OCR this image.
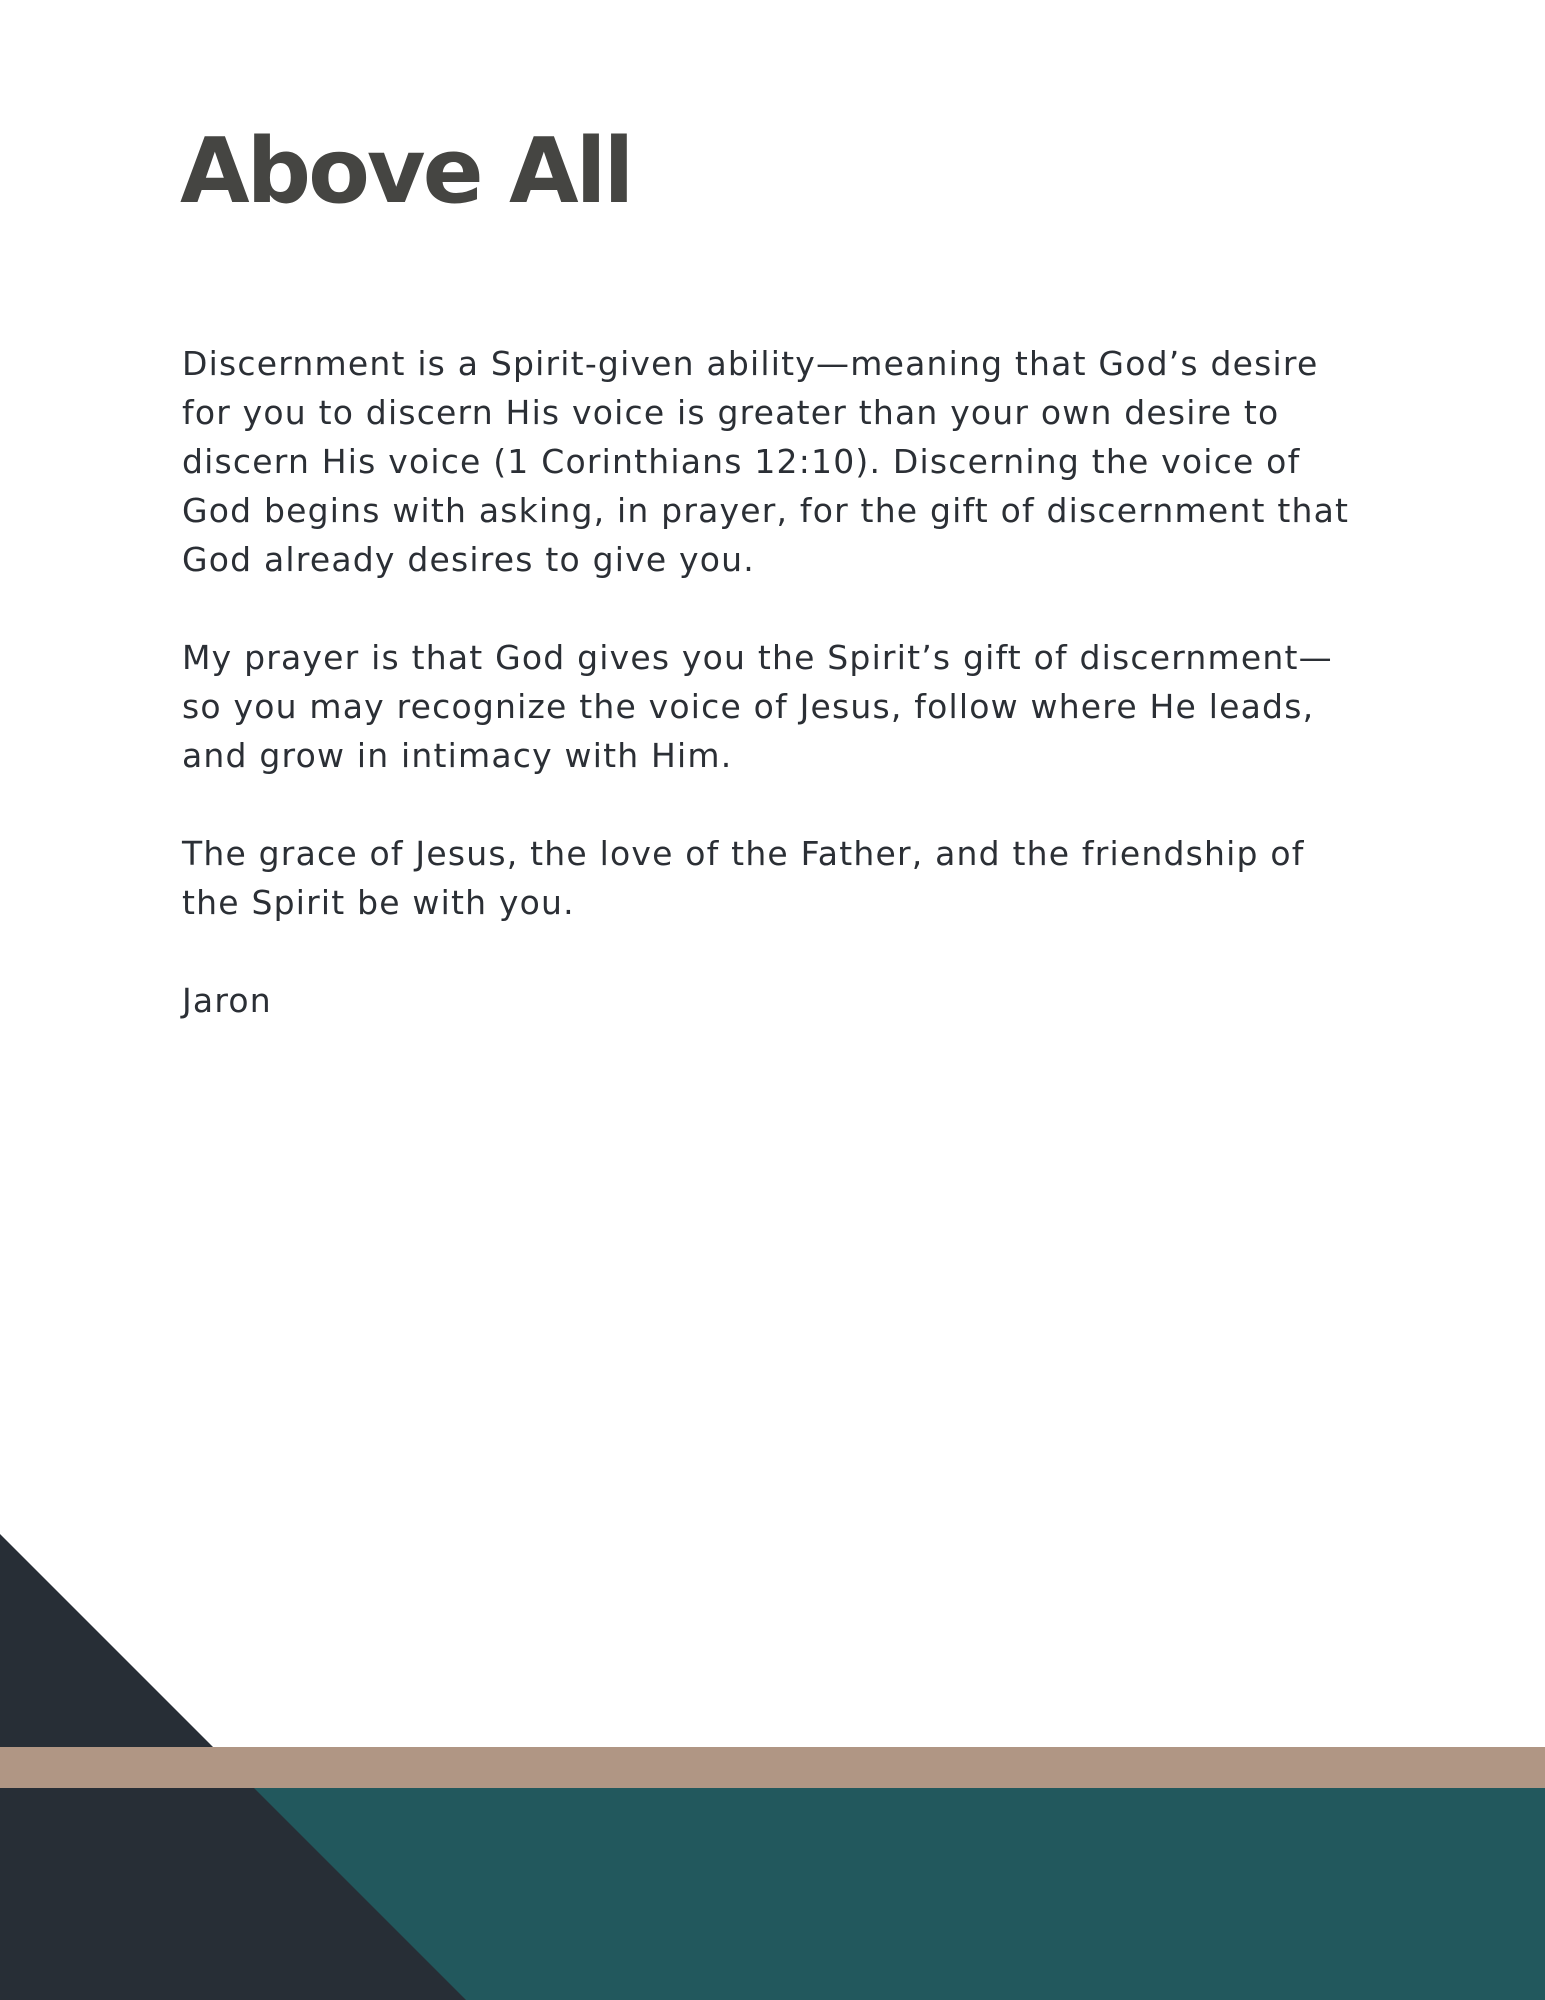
Above All

Discernment is a Spirit-given ability—meaning that God’s desire for you to discern His voice is greater than your own desire to discern His voice (1 Corinthians 12:10). Discerning the voice of God begins with asking, in prayer, for the gift of discernment that God already desires to give you.

My prayer is that God gives you the Spirit’s gift of discernment—so you may recognize the voice of Jesus, follow where He leads, and grow in intimacy with Him.

The grace of Jesus, the love of the Father, and the friendship of the Spirit be with you.

Jaron
